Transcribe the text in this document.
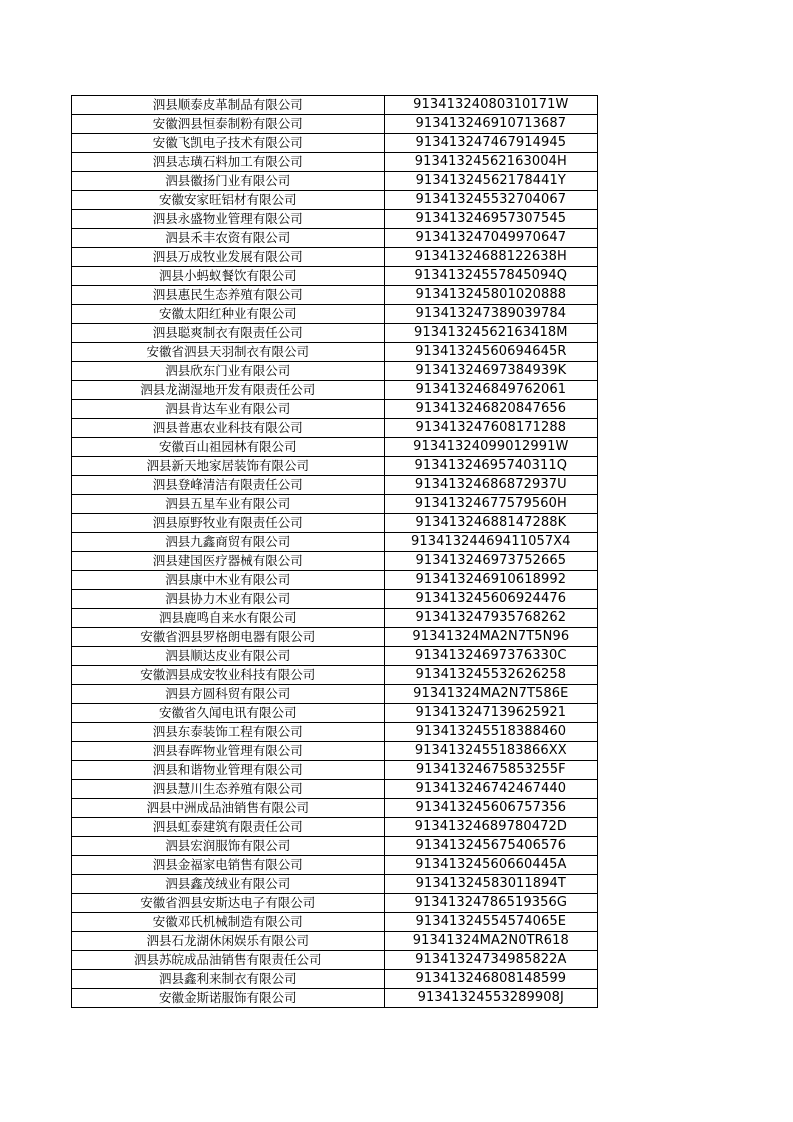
泗县顺泰皮革制品有限公司	91341324080310171W
安徽泗县恒泰制粉有限公司	913413246910713687
安徽飞凯电子技术有限公司	913413247467914945
泗县志璜石料加工有限公司	91341324562163004H
泗县徽扬门业有限公司	91341324562178441Y
安徽安家旺铝材有限公司	913413245532704067
泗县永盛物业管理有限公司	913413246957307545
泗县禾丰农资有限公司	913413247049970647
泗县万成牧业发展有限公司	91341324688122638H
泗县小蚂蚁餐饮有限公司	91341324557845094Q
泗县惠民生态养殖有限公司	913413245801020888
安徽太阳红种业有限公司	913413247389039784
泗县聪爽制衣有限责任公司	91341324562163418M
安徽省泗县天羽制衣有限公司	91341324560694645R
泗县欣东门业有限公司	91341324697384939K
泗县龙湖湿地开发有限责任公司	913413246849762061
泗县肯达车业有限公司	913413246820847656
泗县普惠农业科技有限公司	913413247608171288
安徽百山祖园林有限公司	91341324099012991W
泗县新天地家居装饰有限公司	91341324695740311Q
泗县登峰清洁有限责任公司	91341324686872937U
泗县五星车业有限公司	91341324677579560H
泗县原野牧业有限责任公司	91341324688147288K
泗县九鑫商贸有限公司	91341324469411057X4
泗县建国医疗器械有限公司	913413246973752665
泗县康中木业有限公司	913413246910618992
泗县协力木业有限公司	913413245606924476
泗县鹿鸣自来水有限公司	913413247935768262
安徽省泗县罗格朗电器有限公司	91341324MA2N7T5N96
泗县顺达皮业有限公司	91341324697376330C
安徽泗县成安牧业科技有限公司	913413245532626258
泗县方圆科贸有限公司	91341324MA2N7T586E
安徽省久闻电讯有限公司	913413247139625921
泗县东泰装饰工程有限公司	913413245518388460
泗县春晖物业管理有限公司	9134132455183866XX
泗县和谐物业管理有限公司	91341324675853255F
泗县慧川生态养殖有限公司	913413246742467440
泗县中洲成品油销售有限公司	913413245606757356
泗县虹泰建筑有限责任公司	91341324689780472D
泗县宏润服饰有限公司	913413245675406576
泗县金福家电销售有限公司	91341324560660445A
泗县鑫茂绒业有限公司	91341324583011894T
安徽省泗县安斯达电子有限公司	91341324786519356G
安徽邓氏机械制造有限公司	91341324554574065E
泗县石龙湖休闲娱乐有限公司	91341324MA2N0TR618
泗县苏皖成品油销售有限责任公司	91341324734985822A
泗县鑫利来制衣有限公司	913413246808148599
安徽金斯诺服饰有限公司	91341324553289908J
